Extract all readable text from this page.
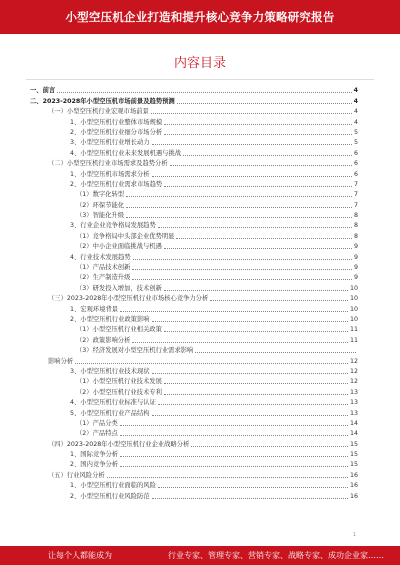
小型空压机企业打造和提升核心竞争力策略研究报告
内容目录
一、前言	4
二、2023-2028年小型空压机市场前景及趋势预测	4
（一）小型空压机行业宏观市场前景	4
1、小型空压机行业整体市场规模	4
2、小型空压机行业细分市场分析	5
3、小型空压机行业增长动力	5
4、小型空压机行业未来发展机遇与挑战	6
（二）小型空压机行业市场需求及趋势分析	6
1、小型空压机市场需求分析	6
2、小型空压机行业需求市场趋势	7
（1）数字化转型	7
（2）环保节能化	7
（3）智能化升级	8
3、行业企业竞争格局发展趋势	8
（1）竞争格局中头部企业优势明显	8
（2）中小企业面临挑战与机遇	9
4、行业技术发展趋势	9
（1）产品技术创新	9
（2）生产制造升级	9
（3）研发投入增加，技术创新	10
（三）2023-2028年小型空压机行业市场核心竞争力分析	10
1、宏观环境背景	10
2、小型空压机行业政策影响	10
（1）小型空压机行业相关政策	11
（2）政策影响分析	11
（3）经济发展对小型空压机行业需求影响
影响分析	12
3、小型空压机行业技术现状	12
（1）小型空压机行业技术发展	12
（2）小型空压机行业技术专利	13
4、小型空压机行业标准与认证	13
5、小型空压机行业产品结构	13
（1）产品分类	14
（2）产品特点	14
（四）2023-2028年小型空压机行业企业战略分析	15
1、国际竞争分析	15
2、国内竞争分析	15
（五）行业风险分析	16
1、小型空压机行业面临的风险	16
2、小型空压机行业风险防范	16
1
让每个人都能成为	行业专家、管理专家、营销专家、战略专家、成功企业家……
